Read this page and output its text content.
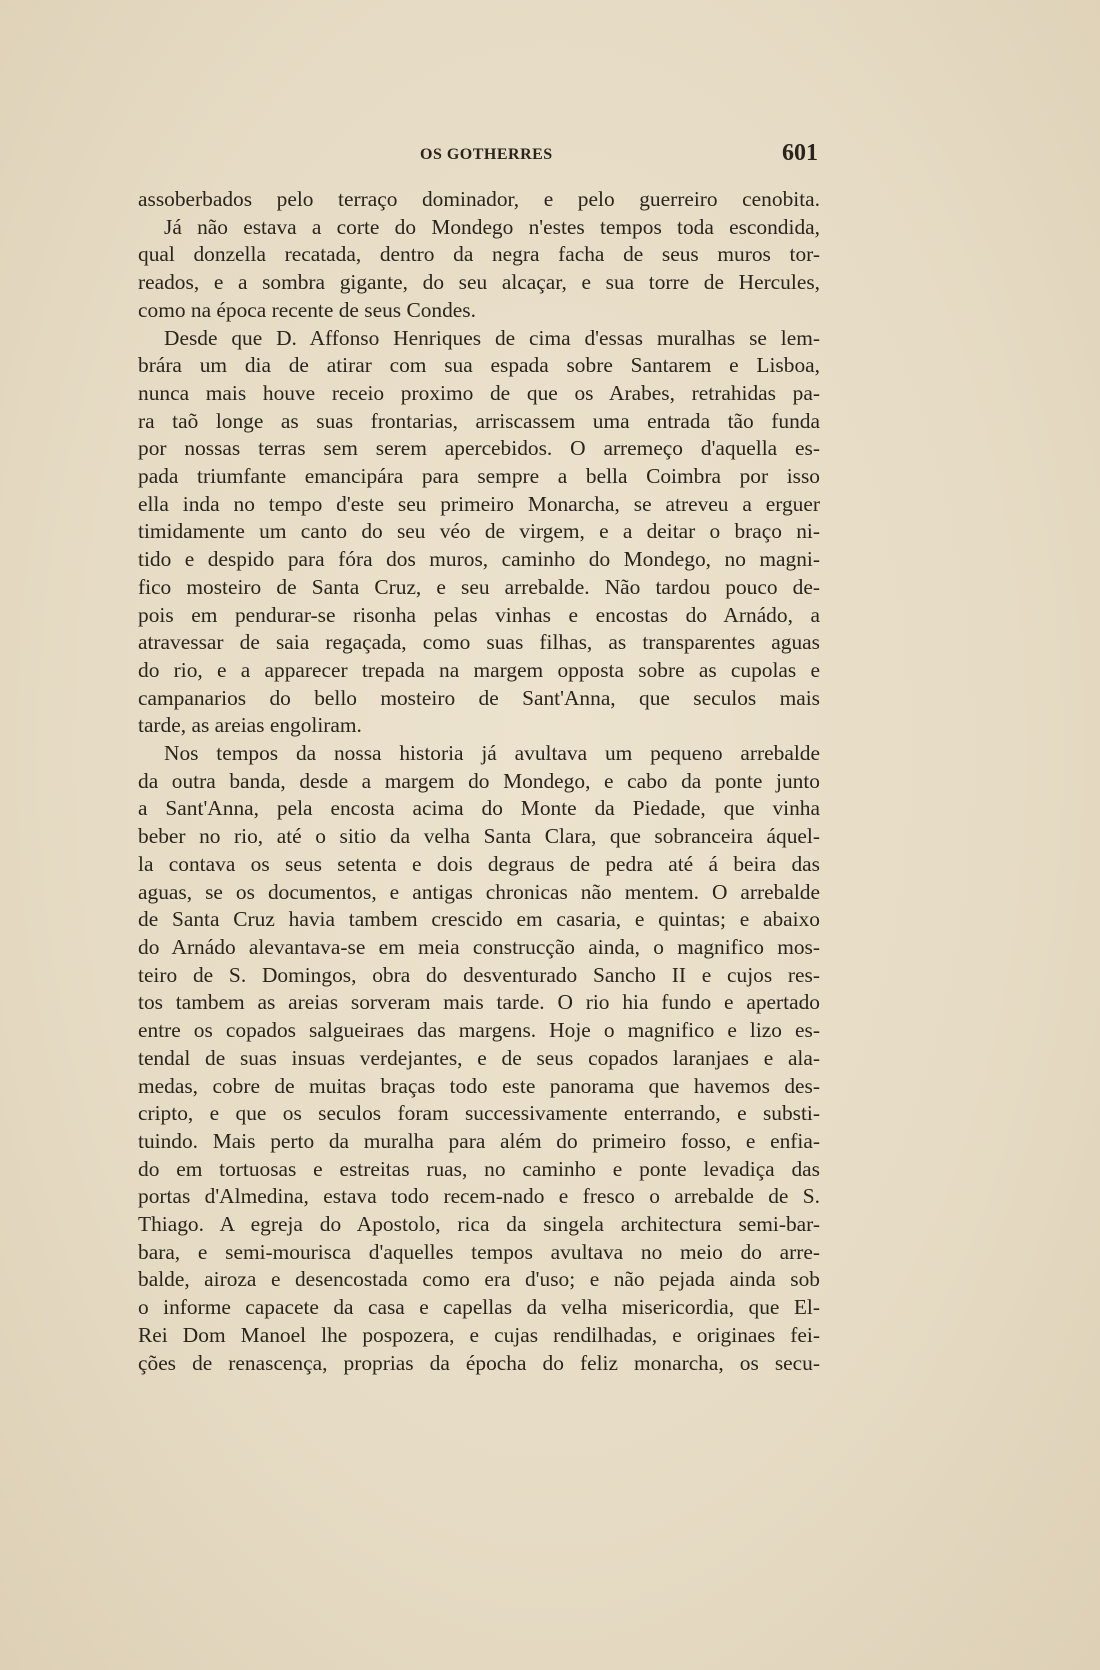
OS GOTHERRES	601
assoberbados pelo terraço dominador, e pelo guerreiro cenobita.
Já não estava a corte do Mondego n'estes tempos toda escondida,
qual donzella recatada, dentro da negra facha de seus muros tor-
reados, e a sombra gigante, do seu alcaçar, e sua torre de Hercules,
como na época recente de seus Condes.
Desde que D. Affonso Henriques de cima d'essas muralhas se lem-
brára um dia de atirar com sua espada sobre Santarem e Lisboa,
nunca mais houve receio proximo de que os Arabes, retrahidas pa-
ra taõ longe as suas frontarias, arriscassem uma entrada tão funda
por nossas terras sem serem apercebidos. O arremeço d'aquella es-
pada triumfante emancipára para sempre a bella Coimbra por isso
ella inda no tempo d'este seu primeiro Monarcha, se atreveu a erguer
timidamente um canto do seu véo de virgem, e a deitar o braço ni-
tido e despido para fóra dos muros, caminho do Mondego, no magni-
fico mosteiro de Santa Cruz, e seu arrebalde. Não tardou pouco de-
pois em pendurar-se risonha pelas vinhas e encostas do Arnádo, a
atravessar de saia regaçada, como suas filhas, as transparentes aguas
do rio, e a apparecer trepada na margem opposta sobre as cupolas e
campanarios do bello mosteiro de Sant'Anna, que seculos mais
tarde, as areias engoliram.
Nos tempos da nossa historia já avultava um pequeno arrebalde
da outra banda, desde a margem do Mondego, e cabo da ponte junto
a Sant'Anna, pela encosta acima do Monte da Piedade, que vinha
beber no rio, até o sitio da velha Santa Clara, que sobranceira áquel-
la contava os seus setenta e dois degraus de pedra até á beira das
aguas, se os documentos, e antigas chronicas não mentem. O arrebalde
de Santa Cruz havia tambem crescido em casaria, e quintas; e abaixo
do Arnádo alevantava-se em meia construcção ainda, o magnifico mos-
teiro de S. Domingos, obra do desventurado Sancho II e cujos res-
tos tambem as areias sorveram mais tarde. O rio hia fundo e apertado
entre os copados salgueiraes das margens. Hoje o magnifico e lizo es-
tendal de suas insuas verdejantes, e de seus copados laranjaes e ala-
medas, cobre de muitas braças todo este panorama que havemos des-
cripto, e que os seculos foram successivamente enterrando, e substi-
tuindo. Mais perto da muralha para além do primeiro fosso, e enfia-
do em tortuosas e estreitas ruas, no caminho e ponte levadiça das
portas d'Almedina, estava todo recem-nado e fresco o arrebalde de S.
Thiago. A egreja do Apostolo, rica da singela architectura semi-bar-
bara, e semi-mourisca d'aquelles tempos avultava no meio do arre-
balde, airoza e desencostada como era d'uso; e não pejada ainda sob
o informe capacete da casa e capellas da velha misericordia, que El-
Rei Dom Manoel lhe pospozera, e cujas rendilhadas, e originaes fei-
ções de renascença, proprias da épocha do feliz monarcha, os secu-
